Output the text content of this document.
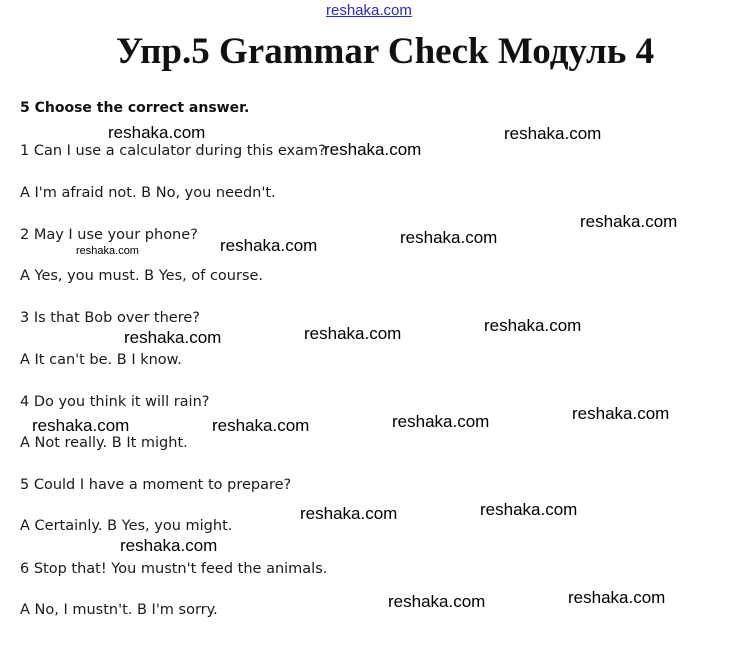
reshaka.com
Упр.5 Grammar Check Модуль 4
5 Choose the correct answer.
1 Can I use a calculator during this exam?
A I'm afraid not. B No, you needn't.
2 May I use your phone?
A Yes, you must. B Yes, of course.
3 Is that Bob over there?
A It can't be. B I know.
4 Do you think it will rain?
A Not really. B It might.
5 Could I have a moment to prepare?
A Certainly. B Yes, you might.
6 Stop that! You mustn't feed the animals.
A No, I mustn't. B I'm sorry.
reshaka.com	reshaka.com
reshaka.com
reshaka.com
reshaka.com	reshaka.com
reshaka.com
reshaka.com
reshaka.com
reshaka.com
reshaka.com
reshaka.com
reshaka.com
reshaka.com
reshaka.com
reshaka.com
reshaka.com
reshaka.com
reshaka.com
